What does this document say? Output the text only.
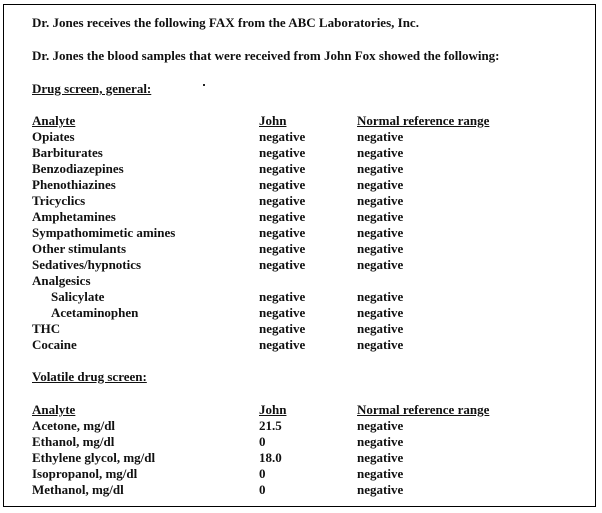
Dr. Jones receives the following FAX from the ABC Laboratories, Inc.
Dr. Jones the blood samples that were received from John Fox showed the following:
Drug screen, general:
Analyte	John	Normal reference range
Opiates	negative	negative
Barbiturates	negative	negative
Benzodiazepines	negative	negative
Phenothiazines	negative	negative
Tricyclics	negative	negative
Amphetamines	negative	negative
Sympathomimetic amines	negative	negative
Other stimulants	negative	negative
Sedatives/hypnotics	negative	negative
Analgesics
Salicylate	negative	negative
Acetaminophen	negative	negative
THC	negative	negative
Cocaine	negative	negative
Volatile drug screen:
Analyte	John	Normal reference range
Acetone, mg/dl	21.5	negative
Ethanol, mg/dl	0	negative
Ethylene glycol, mg/dl	18.0	negative
Isopropanol, mg/dl	0	negative
Methanol, mg/dl	0	negative
